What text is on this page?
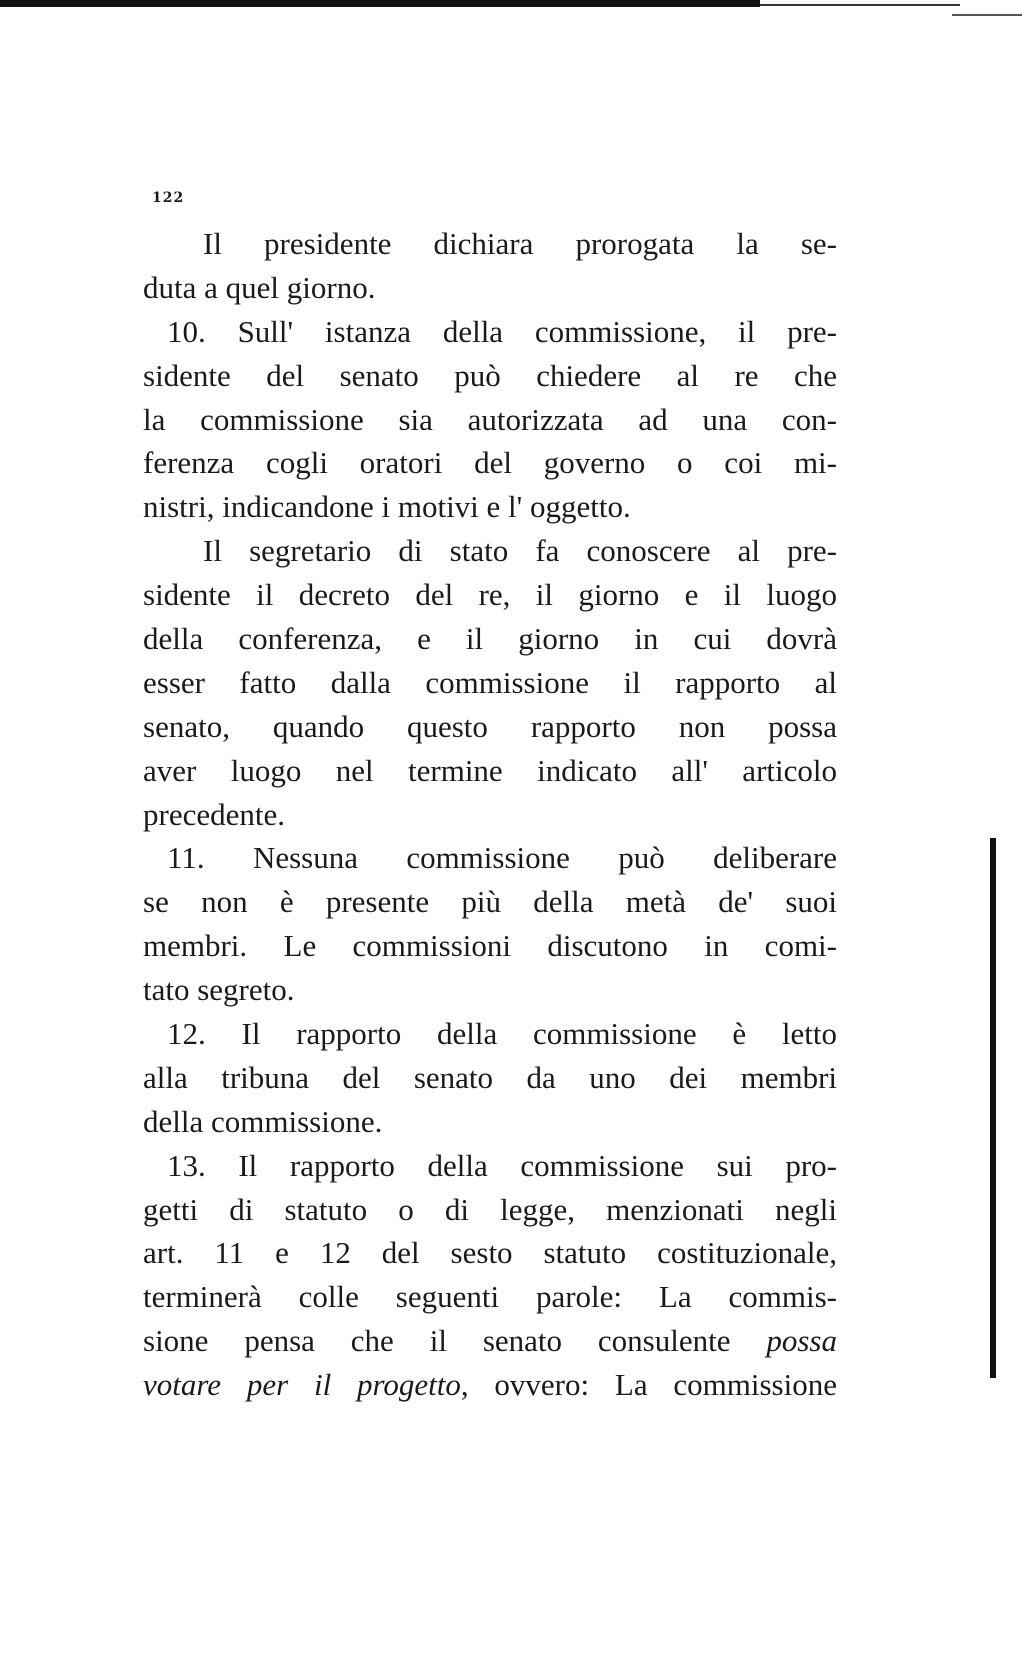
122
Il presidente dichiara prorogata la se-
duta a quel giorno.
10. Sull' istanza della commissione, il pre-
sidente del senato può chiedere al re che
la commissione sia autorizzata ad una con-
ferenza cogli oratori del governo o coi mi-
nistri, indicandone i motivi e l' oggetto.
Il segretario di stato fa conoscere al pre-
sidente il decreto del re, il giorno e il luogo
della conferenza, e il giorno in cui dovrà
esser fatto dalla commissione il rapporto al
senato, quando questo rapporto non possa
aver luogo nel termine indicato all' articolo
precedente.
11. Nessuna commissione può deliberare
se non è presente più della metà de' suoi
membri. Le commissioni discutono in comi-
tato segreto.
12. Il rapporto della commissione è letto
alla tribuna del senato da uno dei membri
della commissione.
13. Il rapporto della commissione sui pro-
getti di statuto o di legge, menzionati negli
art. 11 e 12 del sesto statuto costituzionale,
terminerà colle seguenti parole: La commis-
sione pensa che il senato consulente possa
votare per il progetto, ovvero: La commissione
